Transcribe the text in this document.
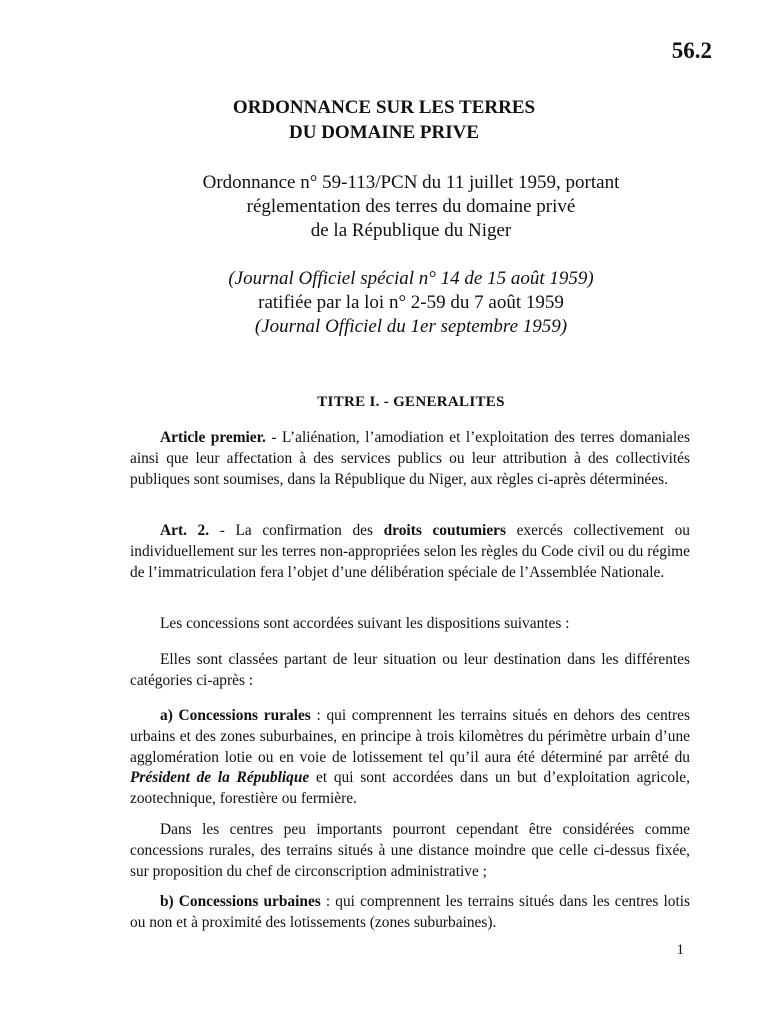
56.2
ORDONNANCE SUR LES TERRES
DU DOMAINE PRIVE
Ordonnance n° 59-113/PCN du 11 juillet 1959, portant
réglementation des terres du domaine privé
de la République du Niger
(Journal Officiel spécial n° 14 de 15 août 1959)
ratifiée par la loi n° 2-59 du 7 août 1959
(Journal Officiel du 1er septembre 1959)
TITRE I. - GENERALITES

Article premier. - L’aliénation, l’amodiation et l’exploitation des terres domaniales ainsi que leur affectation à des services publics ou leur attribution à des collectivités publiques sont soumises, dans la République du Niger, aux règles ci-après déterminées.

Art. 2. - La confirmation des droits coutumiers exercés collectivement ou individuellement sur les terres non-appropriées selon les règles du Code civil ou du régime de l’immatriculation fera l’objet d’une délibération spéciale de l’Assemblée Nationale.

Les concessions sont accordées suivant les dispositions suivantes :

Elles sont classées partant de leur situation ou leur destination dans les différentes catégories ci-après :

a) Concessions rurales : qui comprennent les terrains situés en dehors des centres urbains et des zones suburbaines, en principe à trois kilomètres du périmètre urbain d’une agglomération lotie ou en voie de lotissement tel qu’il aura été déterminé par arrêté du Président de la République et qui sont accordées dans un but d’exploitation agricole, zootechnique, forestière ou fermière.

Dans les centres peu importants pourront cependant être considérées comme concessions rurales, des terrains situés à une distance moindre que celle ci-dessus fixée, sur proposition du chef de circonscription administrative ;

b) Concessions urbaines : qui comprennent les terrains situés dans les centres lotis ou non et à proximité des lotissements (zones suburbaines).

1
